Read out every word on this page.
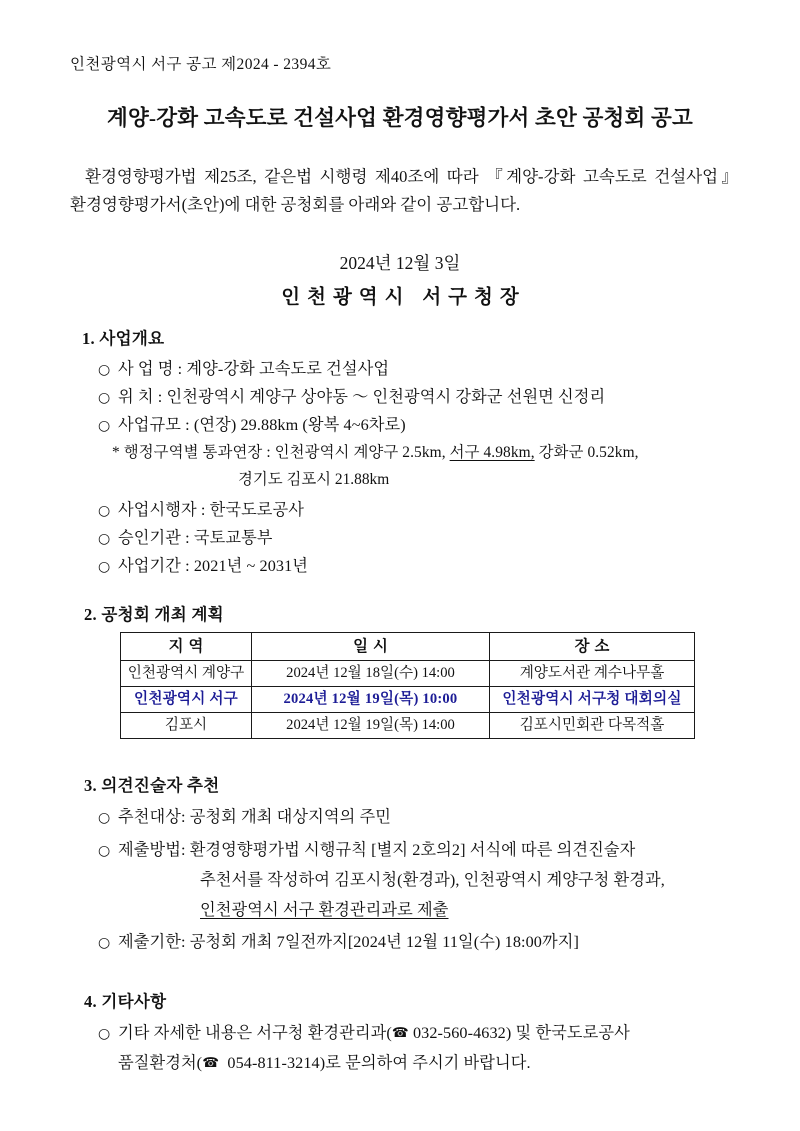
인천광역시 서구 공고 제2024 - 2394호
계양-강화 고속도로 건설사업 환경영향평가서 초안 공청회 공고
환경영향평가법 제25조, 같은법 시행령 제40조에 따라 『계양-강화 고속도로 건설사업』 환경영향평가서(초안)에 대한 공청회를 아래와 같이 공고합니다.
2024년 12월 3일
인천광역시 서구청장
1. 사업개요
○ 사 업 명 : 계양-강화 고속도로 건설사업
○ 위 치 : 인천광역시 계양구 상야동 ～ 인천광역시 강화군 선원면 신정리
○ 사업규모 : (연장) 29.88km (왕복 4~6차로)
* 행정구역별 통과연장 : 인천광역시 계양구 2.5km, 서구 4.98km, 강화군 0.52km,
경기도 김포시 21.88km
○ 사업시행자 : 한국도로공사
○ 승인기관 : 국토교통부
○ 사업기간 : 2021년 ~ 2031년
2. 공청회 개최 계획
지역	일시	장소
인천광역시 계양구	2024년 12월 18일(수) 14:00	계양도서관 계수나무홀
인천광역시 서구	2024년 12월 19일(목) 10:00	인천광역시 서구청 대회의실
김포시	2024년 12월 19일(목) 14:00	김포시민회관 다목적홀
3. 의견진술자 추천
○ 추천대상: 공청회 개최 대상지역의 주민
○ 제출방법: 환경영향평가법 시행규칙 [별지 2호의2] 서식에 따른 의견진술자
추천서를 작성하여 김포시청(환경과), 인천광역시 계양구청 환경과,
인천광역시 서구 환경관리과로 제출
○ 제출기한: 공청회 개최 7일전까지[2024년 12월 11일(수) 18:00까지]
4. 기타사항
○ 기타 자세한 내용은 서구청 환경관리과(☎ 032-560-4632) 및 한국도로공사
품질환경처(☎ 054-811-3214)로 문의하여 주시기 바랍니다.
